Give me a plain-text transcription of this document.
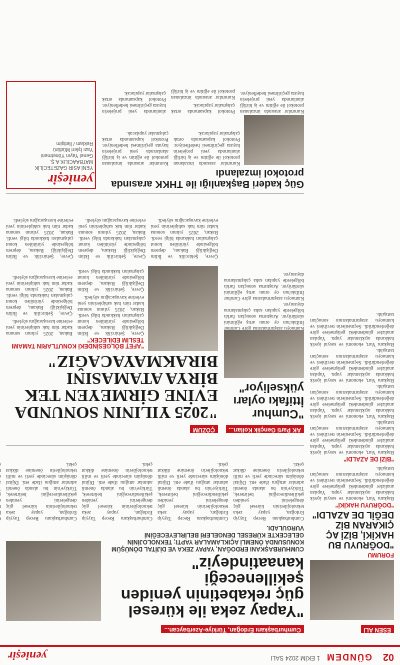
02
GÜNDEM
1 EKİM 2024 SALI
yenieṣir
ESEN ALİ
FORUMU
"DOĞRUYU BU HAKİKİ, BİZİ AÇ ÇIKARAN BİZ DEĞİL DE AZALDI"
"DOĞRUYU HAKİKİ"
Başkanı Yurt, ekonomi ve sosyal içerik hakkında açıklamalar yaptı. Yapılan analizler gündemdeki gelişmelere göre değerlendirildi. Seçmenlerin tercihleri ve kamuoyu araştırmalarının sonuçları tartışıldı.
"BİZİ DE AZALDI"
Başkanı Yurt, ekonomi ve sosyal içerik hakkında açıklamalar yaptı. Yapılan analizler gündemdeki gelişmelere göre değerlendirildi. Seçmenlerin tercihleri ve kamuoyu araştırmalarının sonuçları tartışıldı.
Başkanı Yurt, ekonomi ve sosyal içerik hakkında açıklamalar yaptı. Yapılan analizler gündemdeki gelişmelere göre değerlendirildi. Seçmenlerin tercihleri ve kamuoyu araştırmalarının sonuçları tartışıldı.
Başkanı Yurt, ekonomi ve sosyal içerik hakkında açıklamalar yaptı. Yapılan analizler gündemdeki gelişmelere göre değerlendirildi. Seçmenlerin tercihleri ve kamuoyu araştırmalarının sonuçları tartışıldı.
Başkanı Yurt, ekonomi ve sosyal içerik hakkında açıklamalar yaptı. Yapılan analizler gündemdeki gelişmelere göre değerlendirildi. Seçmenlerin tercihleri ve kamuoyu araştırmalarının sonuçları tartışıldı.
Cumhurbaşkanı Erdoğan, Türkiye-Azerbaycan...
"Yapay zeka ile küresel güç rekabetinin yeniden şekilleneceği kanaatindeyiz"
CUMHURBAŞKANI ERDOĞAN, YAPAY ZEKA VE DİJİTAL DÖNÜŞÜM KONUSUNDA ÖNEMLİ AÇIKLAMALAR YAPTI; TEKNOLOJİNİN GELECEKTE KÜRESEL DENGELERİ BELİRLEYECEĞİNİ VURGULADI.

Cumhurbaşkanı Recep Tayyip Erdoğan, yapay zeka teknolojilerinin küresel güç dengelerini yeniden şekillendireceğini belirterek, Türkiye'nin bu alanda önemli adımlar attığını ifade etti. Dijital dönüşüm sürecinde yerli ve milli teknolojilerin önemine dikkat çekti.

Cumhurbaşkanı Recep Tayyip Erdoğan, yapay zeka teknolojilerinin küresel güç dengelerini yeniden şekillendireceğini belirterek, Türkiye'nin bu alanda önemli adımlar attığını ifade etti. Dijital dönüşüm sürecinde yerli ve milli teknolojilerin önemine dikkat çekti.

Cumhurbaşkanı Recep Tayyip Erdoğan, yapay zeka teknolojilerinin küresel güç dengelerini yeniden şekillendireceğini belirterek, Türkiye'nin bu alanda önemli adımlar attığını ifade etti. Dijital dönüşüm sürecinde yerli ve milli teknolojilerin önemine dikkat çekti.

Cumhurbaşkanı Recep Tayyip Erdoğan, yapay zeka teknolojilerinin küresel güç dengelerini yeniden şekillendireceğini belirterek, Türkiye'nin bu alanda önemli adımlar attığını ifade etti. Dijital dönüşüm sürecinde yerli ve milli teknolojilerin önemine dikkat çekti.

AK Parti Gençlik Kolları...
"Cumhur İttifakı oyları yükseliyor"
Kamuoyu araştırmalarına göre Cumhur İttifakı'nın oy oranı artış eğilimini sürdürüyor. Araştırma sonuçları farklı bölgelerde yapılan saha çalışmalarına dayanıyor.
Kamuoyu araştırmalarına göre Cumhur İttifakı'nın oy oranı artış eğilimini sürdürüyor. Araştırma sonuçları farklı bölgelerde yapılan saha çalışmalarına dayanıyor.
ÇÖZÜM
"2025 YILININ SONUNDA EVİNE GİRMEYEN TEK BİRYA ATAMASINI BIRAKMAYACAĞIZ"
"AFET BÖLGESİNDEKİ KONUTLARIN TAMAMI TESLİM EDİLECEK"

Çevre, Şehircilik ve İklim Değişikliği Bakanı, deprem bölgesinde yürütülen konut çalışmaları hakkında bilgi verdi. Bakan, 2025 yılının sonuna kadar tüm hak sahiplerinin yeni evlerine kavuşacağını söyledi.

Çevre, Şehircilik ve İklim Değişikliği Bakanı, deprem bölgesinde yürütülen konut çalışmaları hakkında bilgi verdi. Bakan, 2025 yılının sonuna kadar tüm hak sahiplerinin yeni evlerine kavuşacağını söyledi.

Çevre, Şehircilik ve İklim Değişikliği Bakanı, deprem bölgesinde yürütülen konut çalışmaları hakkında bilgi verdi. Bakan, 2025 yılının sonuna kadar tüm hak sahiplerinin yeni evlerine kavuşacağını söyledi.

Çevre, Şehircilik ve İklim Değişikliği Bakanı, deprem bölgesinde yürütülen konut çalışmaları hakkında bilgi verdi. Bakan, 2025 yılının sonuna kadar tüm hak sahiplerinin yeni evlerine kavuşacağını söyledi.

Çevre, Şehircilik ve İklim Değişikliği Bakanı, deprem bölgesinde yürütülen konut çalışmaları hakkında bilgi verdi. Bakan, 2025 yılının sonuna kadar tüm hak sahiplerinin yeni evlerine kavuşacağını söyledi.

Çevre, Şehircilik ve İklim Değişikliği Bakanı, deprem bölgesinde yürütülen konut çalışmaları hakkında bilgi verdi. Bakan, 2025 yılının sonuna kadar tüm hak sahiplerinin yeni evlerine kavuşacağını söyledi.

Güç kaderi Başkanlığı ile THKK arasında protokol imzalandı

Kurumlar arasında imzalanan protokol ile eğitim ve iş birliği alanlarında yeni projelerin hayata geçirilmesi hedefleniyor. Protokol kapsamında ortak çalışmalar yapılacak.

Kurumlar arasında imzalanan protokol ile eğitim ve iş birliği alanlarında yeni projelerin hayata geçirilmesi hedefleniyor. Protokol kapsamında ortak çalışmalar yapılacak.

Kurumlar arasında imzalanan protokol ile eğitim ve iş birliği alanlarında yeni projelerin hayata geçirilmesi hedefleniyor. Protokol kapsamında ortak çalışmalar yapılacak.

Kurumlar arasında imzalanan protokol ile eğitim ve iş birliği alanlarında yeni projelerin hayata geçirilmesi hedefleniyor. Protokol kapsamında ortak çalışmalar yapılacak.

yenieṣir
YENİ ASIR GAZETECİLİK
MATBAACILIK A.Ş.
Genel Yayın Yönetmeni
Yazı İşleri Müdürü
Reklam / İletişim
